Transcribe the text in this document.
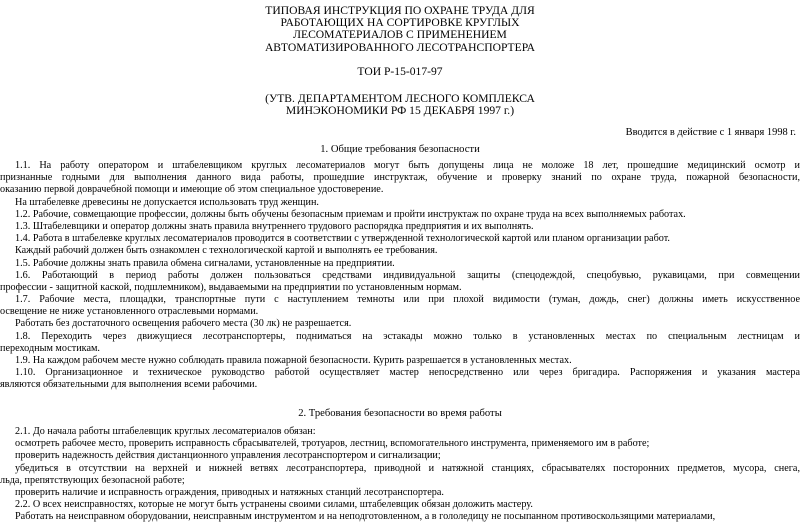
ТИПОВАЯ ИНСТРУКЦИЯ ПО ОХРАНЕ ТРУДА ДЛЯ
РАБОТАЮЩИХ НА СОРТИРОВКЕ КРУГЛЫХ
ЛЕСОМАТЕРИАЛОВ С ПРИМЕНЕНИЕМ
АВТОМАТИЗИРОВАННОГО ЛЕСОТРАНСПОРТЕРА
ТОИ Р-15-017-97
(УТВ. ДЕПАРТАМЕНТОМ ЛЕСНОГО КОМПЛЕКСА
МИНЭКОНОМИКИ РФ 15 ДЕКАБРЯ 1997 г.)
Вводится в действие с 1 января 1998 г.
1. Общие требования безопасности
1.1. На работу оператором и штабелевщиком круглых лесоматериалов могут быть допущены лица не моложе 18 лет, прошедшие медицинский осмотр и
признанные годными для выполнения данного вида работы, прошедшие инструктаж, обучение и проверку знаний по охране труда, пожарной безопасности,
оказанию первой доврачебной помощи и имеющие об этом специальное удостоверение.
На штабелевке древесины не допускается использовать труд женщин.
1.2. Рабочие, совмещающие профессии, должны быть обучены безопасным приемам и пройти инструктаж по охране труда на всех выполняемых работах.
1.3. Штабелевщики и оператор должны знать правила внутреннего трудового распорядка предприятия и их выполнять.
1.4. Работа в штабелевке круглых лесоматериалов проводится в соответствии с утвержденной технологической картой или планом организации работ.
Каждый рабочий должен быть ознакомлен с технологической картой и выполнять ее требования.
1.5. Рабочие должны знать правила обмена сигналами, установленные на предприятии.
1.6. Работающий в период работы должен пользоваться средствами индивидуальной защиты (спецодеждой, спецобувью, рукавицами, при совмещении
профессии - защитной каской, подшлемником), выдаваемыми на предприятии по установленным нормам.
1.7. Рабочие места, площадки, транспортные пути с наступлением темноты или при плохой видимости (туман, дождь, снег) должны иметь искусственное
освещение не ниже установленного отраслевыми нормами.
Работать без достаточного освещения рабочего места (30 лк) не разрешается.
1.8. Переходить через движущиеся лесотранспортеры, подниматься на эстакады можно только в установленных местах по специальным лестницам и
переходным мостикам.
1.9. На каждом рабочем месте нужно соблюдать правила пожарной безопасности. Курить разрешается в установленных местах.
1.10. Организационное и техническое руководство работой осуществляет мастер непосредственно или через бригадира. Распоряжения и указания мастера
являются обязательными для выполнения всеми рабочими.
2. Требования безопасности во время работы
2.1. До начала работы штабелевщик круглых лесоматериалов обязан:
осмотреть рабочее место, проверить исправность сбрасывателей, тротуаров, лестниц, вспомогательного инструмента, применяемого им в работе;
проверить надежность действия дистанционного управления лесотранспортером и сигнализации;
убедиться в отсутствии на верхней и нижней ветвях лесотранспортера, приводной и натяжной станциях, сбрасывателях посторонних предметов, мусора, снега,
льда, препятствующих безопасной работе;
проверить наличие и исправность ограждения, приводных и натяжных станций лесотранспортера.
2.2. О всех неисправностях, которые не могут быть устранены своими силами, штабелевщик обязан доложить мастеру.
Работать на неисправном оборудовании, неисправным инструментом и на неподготовленном, а в гололедицу не посыпанном противоскользящими материалами,
